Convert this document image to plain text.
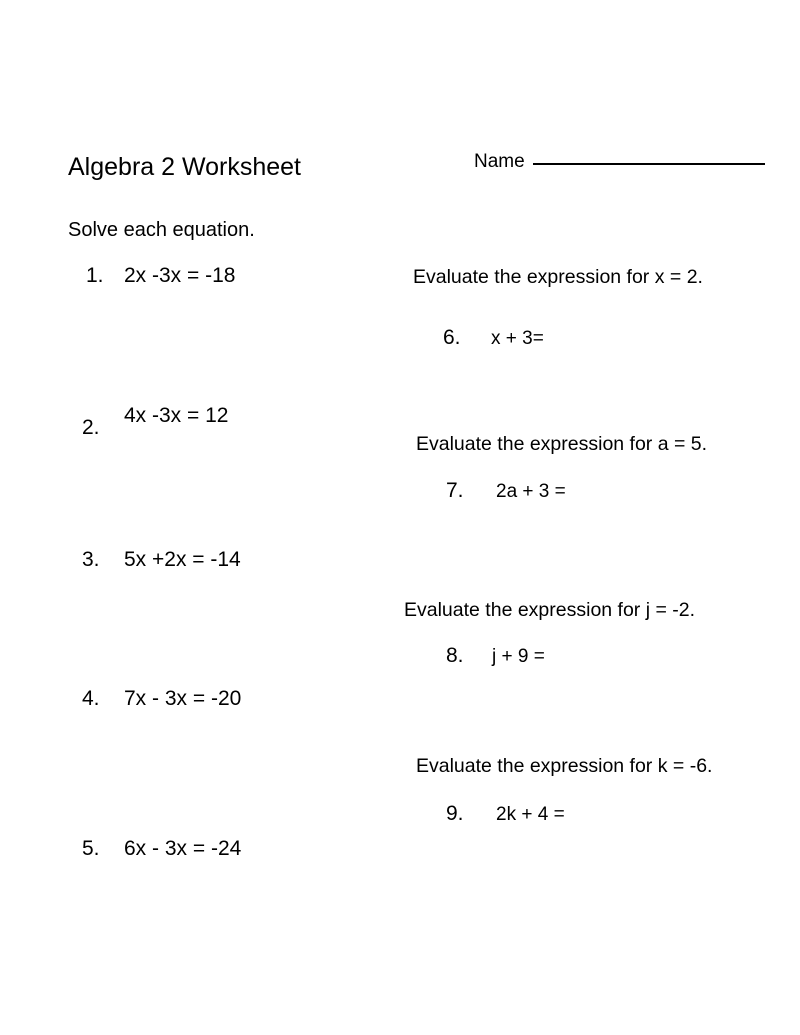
Algebra 2 Worksheet	Name
Solve each equation.
1. 2x -3x = -18
2.4x -3x = 12
3. 5x +2x = -14
4. 7x - 3x = -20
5. 6x - 3x = -24
Evaluate the expression for x = 2.
6. x + 3=
Evaluate the expression for a = 5.
7. 2a + 3 =
Evaluate the expression for j = -2.
8. j + 9 =
Evaluate the expression for k = -6.
9. 2k + 4 =
